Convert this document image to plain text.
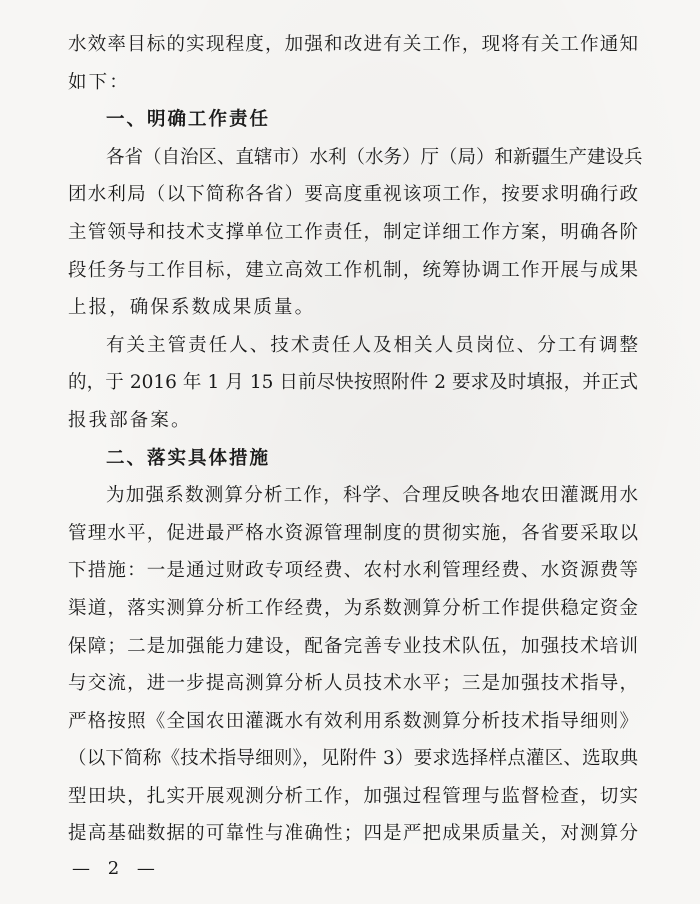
水效率目标的实现程度，加强和改进有关工作，现将有关工作通知
如下：
一、明确工作责任
各省（自治区、直辖市）水利（水务）厅（局）和新疆生产建设兵
团水利局（以下简称各省）要高度重视该项工作，按要求明确行政
主管领导和技术支撑单位工作责任，制定详细工作方案，明确各阶
段任务与工作目标，建立高效工作机制，统筹协调工作开展与成果
上报，确保系数成果质量。
有关主管责任人、技术责任人及相关人员岗位、分工有调整
的，于 2016 年 1 月 15 日前尽快按照附件 2 要求及时填报，并正式
报我部备案。
二、落实具体措施
为加强系数测算分析工作，科学、合理反映各地农田灌溉用水
管理水平，促进最严格水资源管理制度的贯彻实施，各省要采取以
下措施：一是通过财政专项经费、农村水利管理经费、水资源费等
渠道，落实测算分析工作经费，为系数测算分析工作提供稳定资金
保障；二是加强能力建设，配备完善专业技术队伍，加强技术培训
与交流，进一步提高测算分析人员技术水平；三是加强技术指导，
严格按照《全国农田灌溉水有效利用系数测算分析技术指导细则》
（以下简称《技术指导细则》，见附件 3）要求选择样点灌区、选取典
型田块，扎实开展观测分析工作，加强过程管理与监督检查，切实
提高基础数据的可靠性与准确性；四是严把成果质量关，对测算分
— 2 —
